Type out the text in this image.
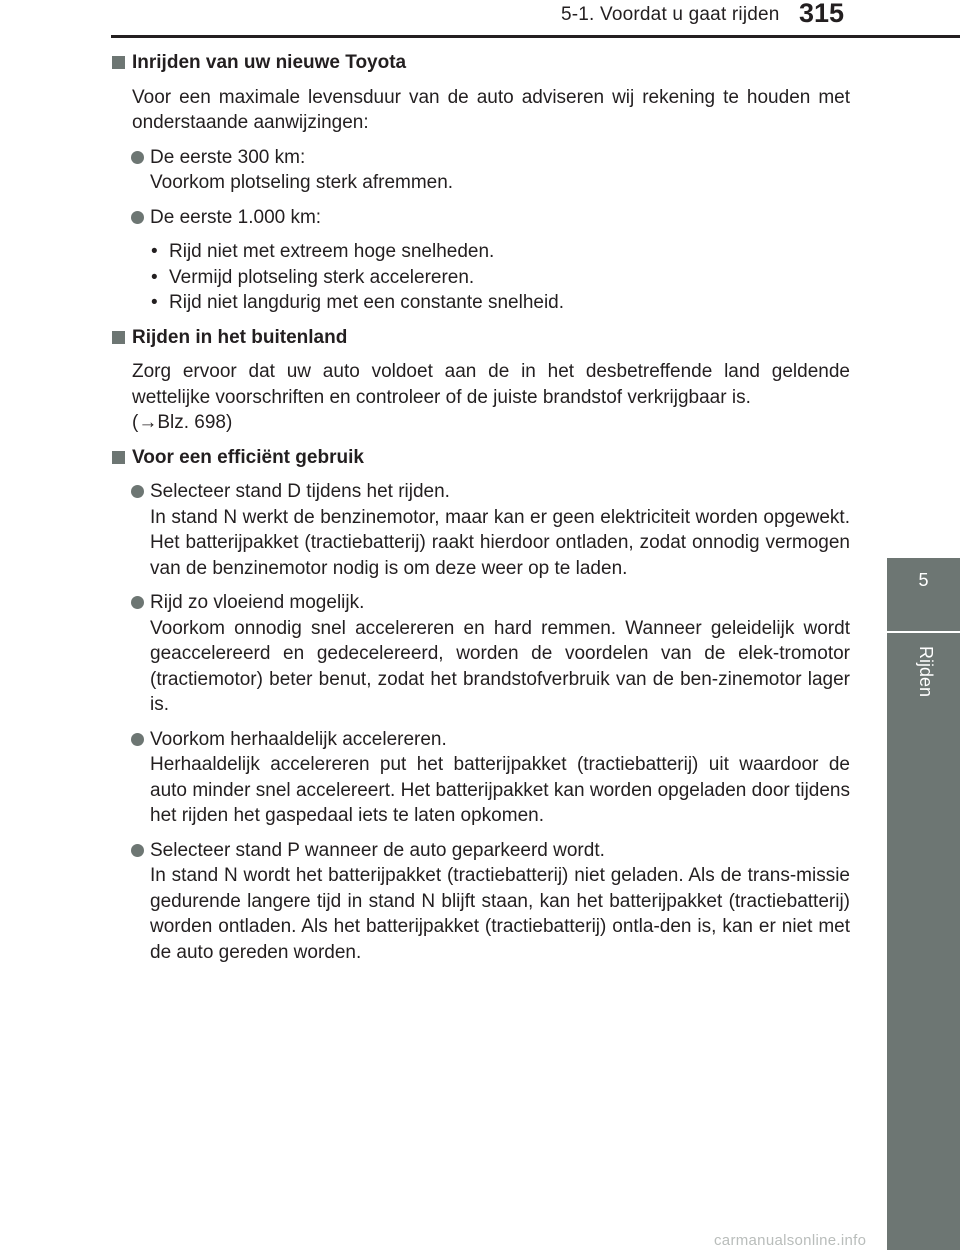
5-1. Voordat u gaat rijden 315
5
Rijden
Inrijden van uw nieuwe Toyota
Voor een maximale levensduur van de auto adviseren wij rekening te houden met onderstaande aanwijzingen:
De eerste 300 km:
Voorkom plotseling sterk afremmen.
De eerste 1.000 km:
• Rijd niet met extreem hoge snelheden.
• Vermijd plotseling sterk accelereren.
• Rijd niet langdurig met een constante snelheid.
Rijden in het buitenland
Zorg ervoor dat uw auto voldoet aan de in het desbetreffende land geldende wettelijke voorschriften en controleer of de juiste brandstof verkrijgbaar is.
(→Blz. 698)
Voor een efficiënt gebruik
Selecteer stand D tijdens het rijden.
In stand N werkt de benzinemotor, maar kan er geen elektriciteit worden opgewekt. Het batterijpakket (tractiebatterij) raakt hierdoor ontladen, zodat onnodig vermogen van de benzinemotor nodig is om deze weer op te laden.
Rijd zo vloeiend mogelijk.
Voorkom onnodig snel accelereren en hard remmen. Wanneer geleidelijk wordt geaccelereerd en gedecelereerd, worden de voordelen van de elek-tromotor (tractiemotor) beter benut, zodat het brandstofverbruik van de ben-zinemotor lager is.
Voorkom herhaaldelijk accelereren.
Herhaaldelijk accelereren put het batterijpakket (tractiebatterij) uit waardoor de auto minder snel accelereert. Het batterijpakket kan worden opgeladen door tijdens het rijden het gaspedaal iets te laten opkomen.
Selecteer stand P wanneer de auto geparkeerd wordt.
In stand N wordt het batterijpakket (tractiebatterij) niet geladen. Als de trans-missie gedurende langere tijd in stand N blijft staan, kan het batterijpakket (tractiebatterij) worden ontladen. Als het batterijpakket (tractiebatterij) ontla-den is, kan er niet met de auto gereden worden.
carmanualsonline.info
